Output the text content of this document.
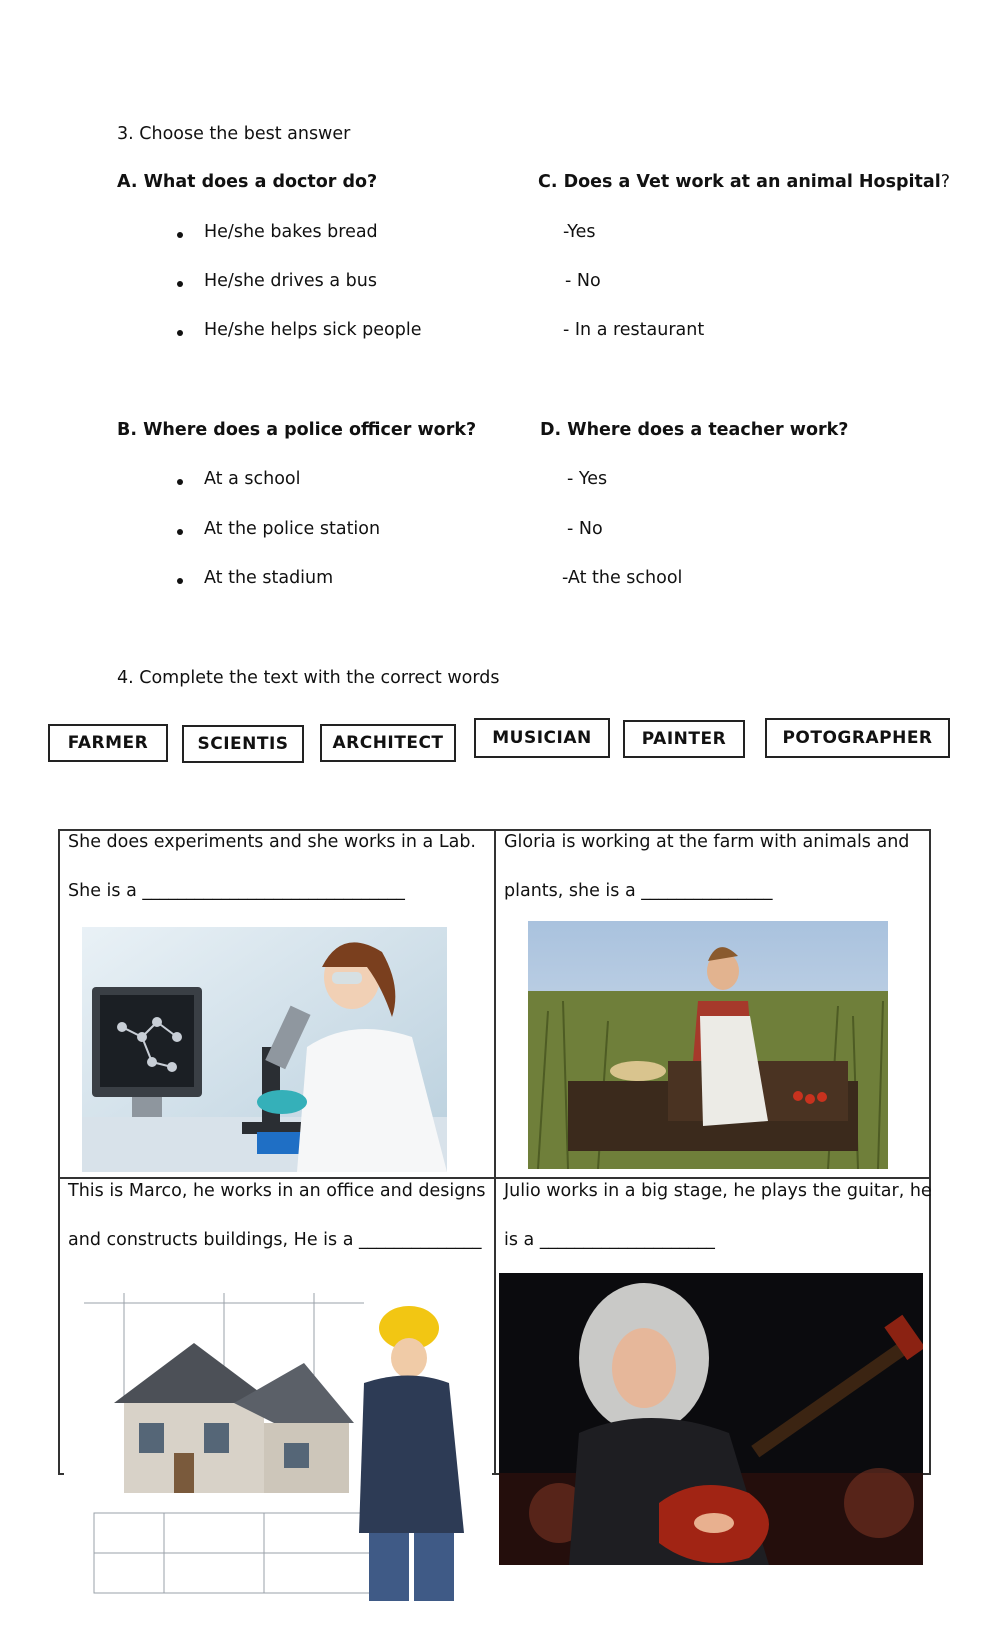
3. Choose the best answer
A. What does a doctor do?
He/she bakes bread
He/she drives a bus
He/she helps sick people
C. Does a Vet work at an animal Hospital?
-Yes
- No
- In a restaurant
B. Where does a police officer work?
At a school
At the police station
At the stadium
D. Where does a teacher work?
- Yes
- No
-At the school
4. Complete the text with the correct words
FARMER	SCIENTIS	ARCHITECT	MUSICIAN	PAINTER	POTOGRAPHER
She does experiments and she works in a Lab.
She is a ______________________________
Gloria is working at the farm with animals and
plants, she is a _______________
This is Marco, he works in an office and designs
and constructs buildings, He is a ______________
Julio works in a big stage, he plays the guitar, he
is a ____________________
